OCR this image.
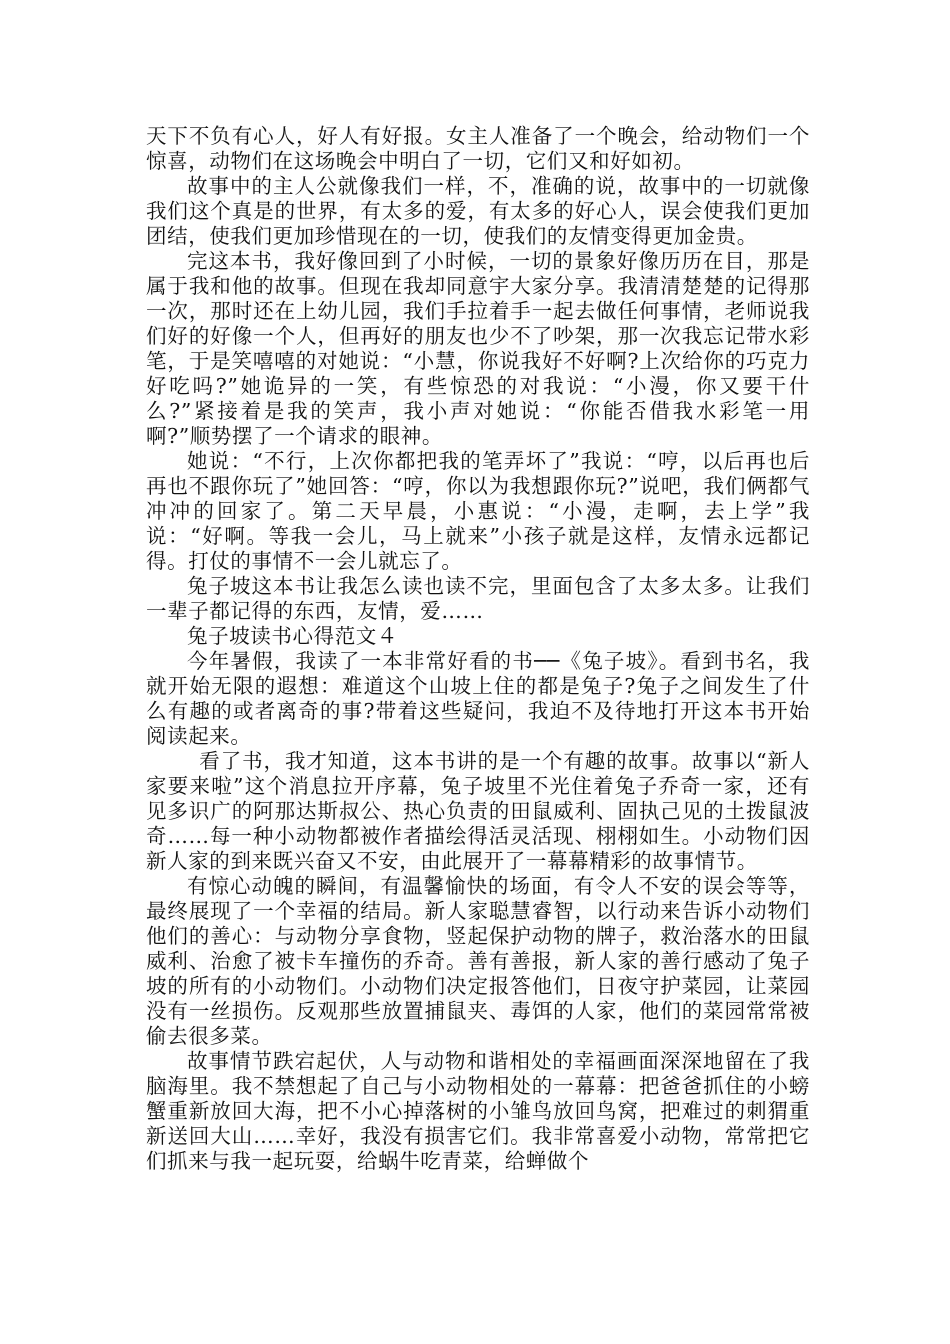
天下不负有心人，好人有好报。女主人准备了一个晚会，给动物们一个惊喜，动物们在这场晚会中明白了一切，它们又和好如初。

故事中的主人公就像我们一样，不，准确的说，故事中的一切就像我们这个真是的世界，有太多的爱，有太多的好心人，误会使我们更加团结，使我们更加珍惜现在的一切，使我们的友情变得更加金贵。

完这本书，我好像回到了小时候，一切的景象好像历历在目，那是属于我和他的故事。但现在我却同意宇大家分享。我清清楚楚的记得那一次，那时还在上幼儿园，我们手拉着手一起去做任何事情，老师说我们好的好像一个人，但再好的朋友也少不了吵架，那一次我忘记带水彩笔，于是笑嘻嘻的对她说：“小慧，你说我好不好啊?上次给你的巧克力好吃吗?”她诡异的一笑，有些惊恐的对我说：“小漫，你又要干什么?”紧接着是我的笑声，我小声对她说：“你能否借我水彩笔一用啊?”顺势摆了一个请求的眼神。

她说：“不行，上次你都把我的笔弄坏了”我说：“哼，以后再也后再也不跟你玩了”她回答：“哼，你以为我想跟你玩?”说吧，我们俩都气冲冲的回家了。第二天早晨，小惠说：“小漫，走啊，去上学”我说：“好啊。等我一会儿，马上就来”小孩子就是这样，友情永远都记得。打仗的事情不一会儿就忘了。

兔子坡这本书让我怎么读也读不完，里面包含了太多太多。让我们一辈子都记得的东西，友情，爱……

兔子坡读书心得范文４

今年暑假，我读了一本非常好看的书──《兔子坡》。看到书名，我就开始无限的遐想：难道这个山坡上住的都是兔子?兔子之间发生了什么有趣的或者离奇的事?带着这些疑问，我迫不及待地打开这本书开始阅读起来。

看了书，我才知道，这本书讲的是一个有趣的故事。故事以“新人家要来啦”这个消息拉开序幕，兔子坡里不光住着兔子乔奇一家，还有见多识广的阿那达斯叔公、热心负责的田鼠威利、固执己见的土拨鼠波奇……每一种小动物都被作者描绘得活灵活现、栩栩如生。小动物们因新人家的到来既兴奋又不安，由此展开了一幕幕精彩的故事情节。

有惊心动魄的瞬间，有温馨愉快的场面，有令人不安的误会等等，最终展现了一个幸福的结局。新人家聪慧睿智，以行动来告诉小动物们他们的善心：与动物分享食物，竖起保护动物的牌子，救治落水的田鼠威利、治愈了被卡车撞伤的乔奇。善有善报，新人家的善行感动了兔子坡的所有的小动物们。小动物们决定报答他们，日夜守护菜园，让菜园没有一丝损伤。反观那些放置捕鼠夹、毒饵的人家，他们的菜园常常被偷去很多菜。

故事情节跌宕起伏，人与动物和谐相处的幸福画面深深地留在了我脑海里。我不禁想起了自己与小动物相处的一幕幕：把爸爸抓住的小螃蟹重新放回大海，把不小心掉落树的小雏鸟放回鸟窝，把难过的刺猬重新送回大山……幸好，我没有损害它们。我非常喜爱小动物，常常把它们抓来与我一起玩耍，给蜗牛吃青菜，给蝉做个
